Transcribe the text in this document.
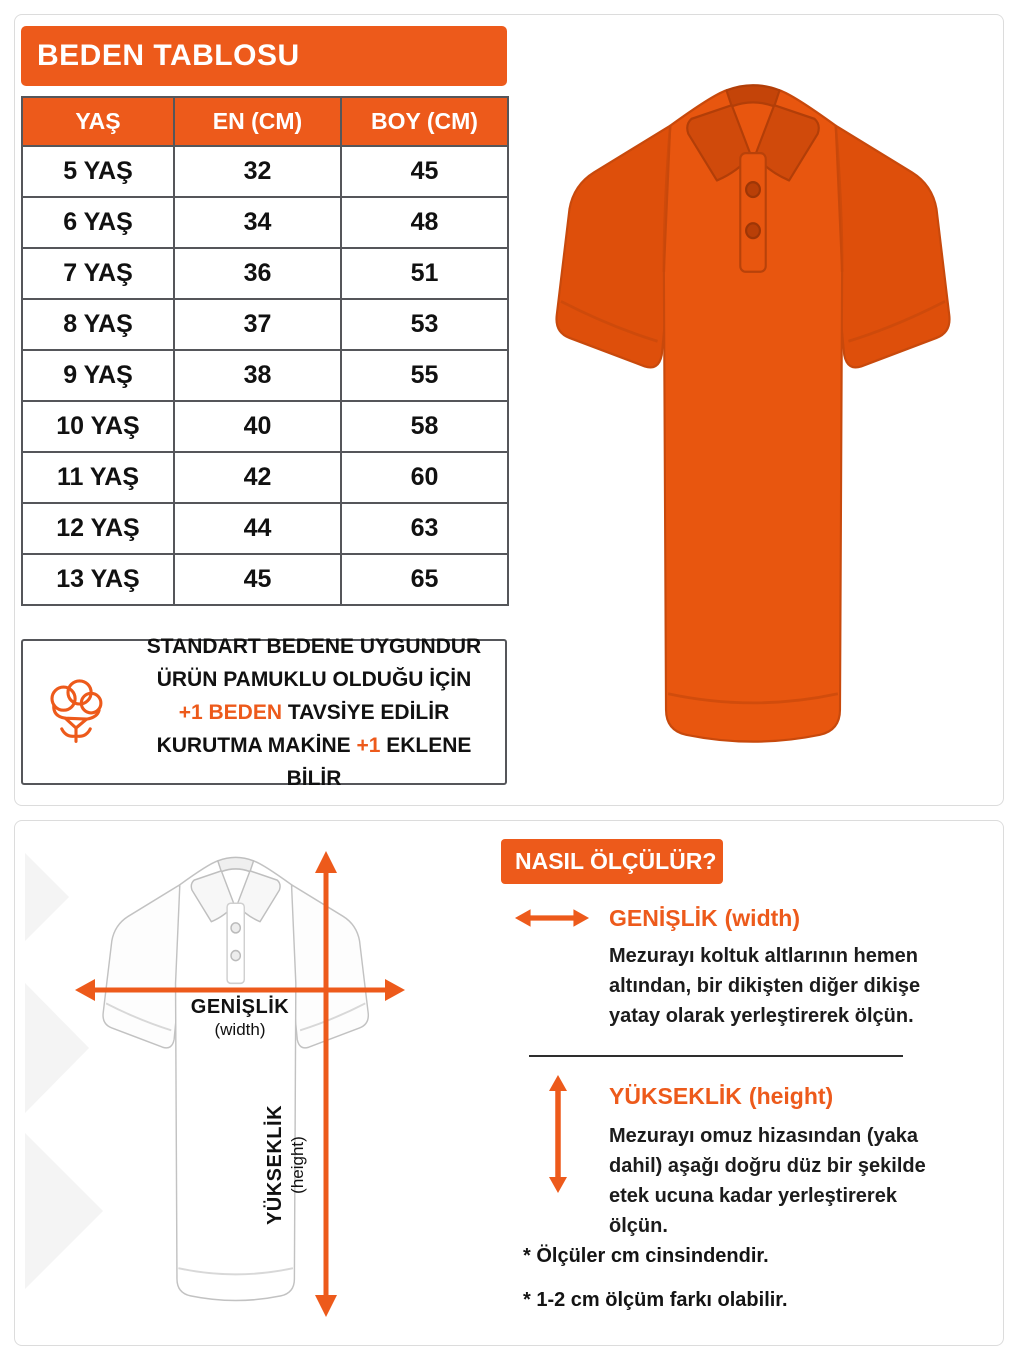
BEDEN TABLOSU
YAŞ	EN (CM)	BOY (CM)
5 YAŞ	32	45
6 YAŞ	34	48
7 YAŞ	36	51
8 YAŞ	37	53
9 YAŞ	38	55
10 YAŞ	40	58
11 YAŞ	42	60
12 YAŞ	44	63
13 YAŞ	45	65
STANDART BEDENE UYGUNDUR
ÜRÜN PAMUKLU OLDUĞU İÇİN
+1 BEDEN TAVSİYE EDİLİR
KURUTMA MAKİNE +1 EKLENE BİLİR
GENİŞLİK
(width)
YÜKSEKLİK (height)
NASIL ÖLÇÜLÜR?
GENİŞLİK (width)

Mezurayı koltuk altlarının hemen altından, bir dikişten diğer dikişe yatay olarak yerleştirerek ölçün.

YÜKSEKLİK (height)

Mezurayı omuz hizasından (yaka dahil) aşağı doğru düz bir şekilde etek ucuna kadar yerleştirerek ölçün.

* Ölçüler cm cinsindendir.
* 1-2 cm ölçüm farkı olabilir.
